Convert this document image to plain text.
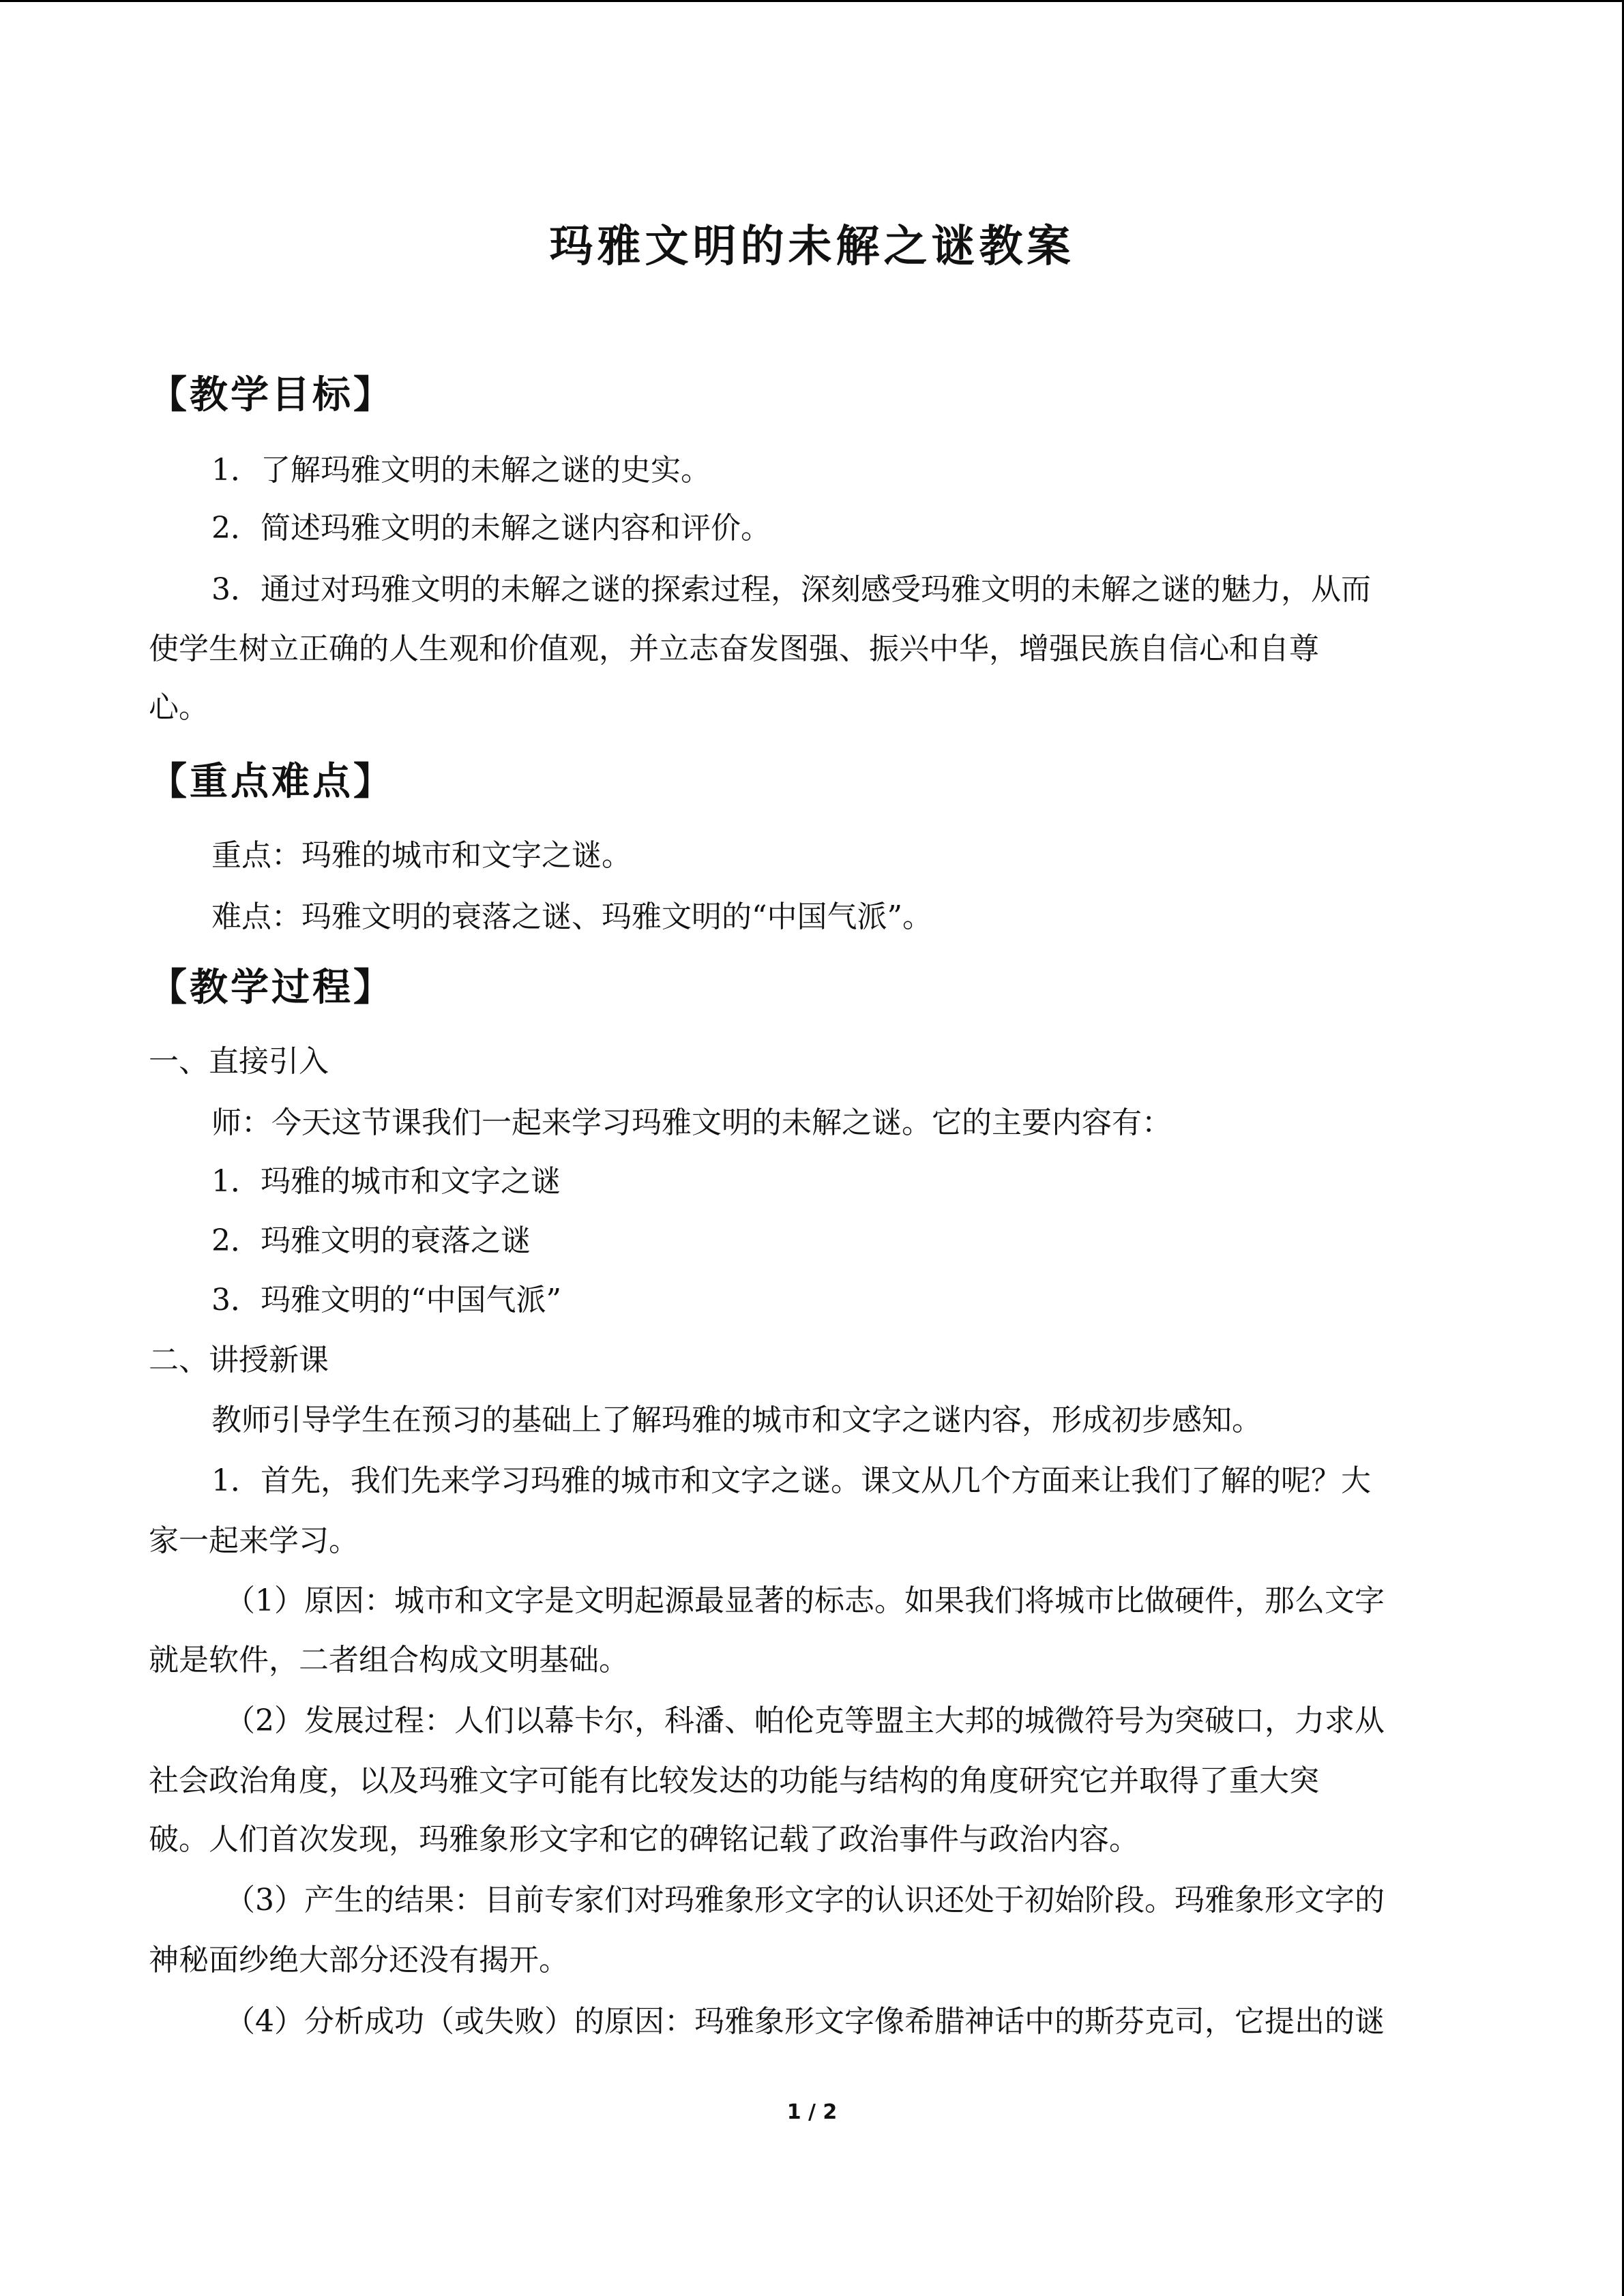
玛雅文明的未解之谜教案
【教学目标】
1．了解玛雅文明的未解之谜的史实。
2．简述玛雅文明的未解之谜内容和评价。
3．通过对玛雅文明的未解之谜的探索过程，深刻感受玛雅文明的未解之谜的魅力，从而
使学生树立正确的人生观和价值观，并立志奋发图强、振兴中华，增强民族自信心和自尊
心。
【重点难点】
重点：玛雅的城市和文字之谜。
难点：玛雅文明的衰落之谜、玛雅文明的“中国气派”。
【教学过程】
一、直接引入
师：今天这节课我们一起来学习玛雅文明的未解之谜。它的主要内容有：
1．玛雅的城市和文字之谜
2．玛雅文明的衰落之谜
3．玛雅文明的“中国气派”
二、讲授新课
教师引导学生在预习的基础上了解玛雅的城市和文字之谜内容，形成初步感知。
1．首先，我们先来学习玛雅的城市和文字之谜。课文从几个方面来让我们了解的呢？大
家一起来学习。
（1）原因：城市和文字是文明起源最显著的标志。如果我们将城市比做硬件，那么文字
就是软件，二者组合构成文明基础。
（2）发展过程：人们以幕卡尔，科潘、帕伦克等盟主大邦的城微符号为突破口，力求从
社会政治角度，以及玛雅文字可能有比较发达的功能与结构的角度研究它并取得了重大突
破。人们首次发现，玛雅象形文字和它的碑铭记载了政治事件与政治内容。
（3）产生的结果：目前专家们对玛雅象形文字的认识还处于初始阶段。玛雅象形文字的
神秘面纱绝大部分还没有揭开。
（4）分析成功（或失败）的原因：玛雅象形文字像希腊神话中的斯芬克司，它提出的谜
1 / 2
